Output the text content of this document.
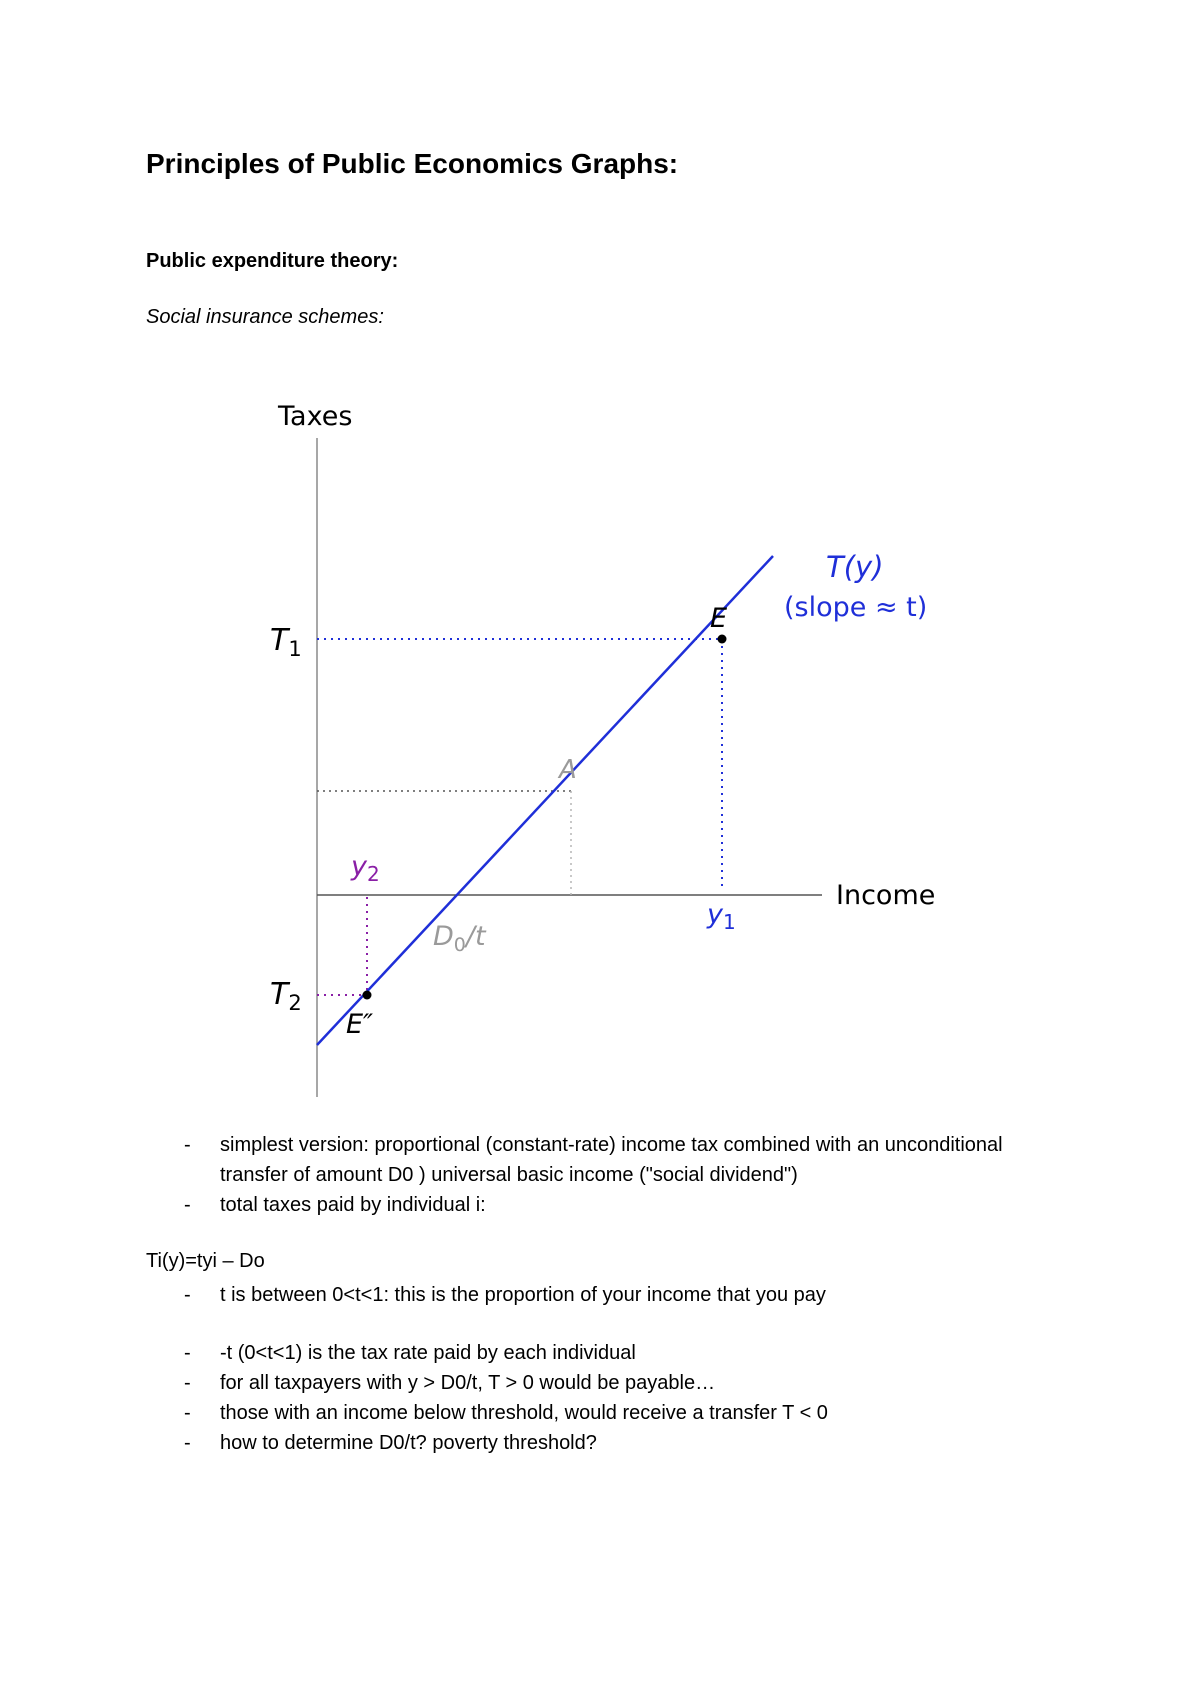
Principles of Public Economics Graphs:
Public expenditure theory:
Social insurance schemes:
Taxes
Income
T(y)
(slope ≈ t)
$T_1$
$T_2$
$y_1$
$y_2$
E
A
E″
$D_0/t$
- simplest version: proportional (constant-rate) income tax combined with an unconditional transfer of amount D0 ) universal basic income ("social dividend")
- total taxes paid by individual i:
Ti(y)=tyi – Do
- t is between 0<t<1: this is the proportion of your income that you pay
- -t (0<t<1) is the tax rate paid by each individual
- for all taxpayers with y > D0/t, T > 0 would be payable…
- those with an income below threshold, would receive a transfer T < 0
- how to determine D0/t? poverty threshold?
